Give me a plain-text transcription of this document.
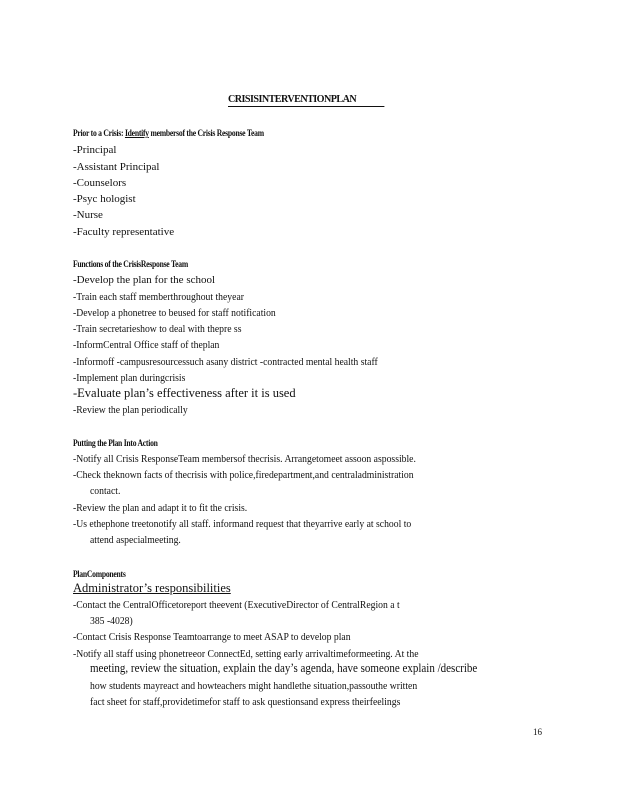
CRISISINTERVENTIONPLAN
Prior to a Crisis: Identify membersof the Crisis Response Team
-Principal
-Assistant Principal
-Counselors
-Psyc hologist
-Nurse
-Faculty representative
Functions of the CrisisResponse Team
-Develop the plan for the school
-Train each staff memberthroughout theyear
-Develop a phonetree to beused for staff notification
-Train secretarieshow to deal with thepre ss
-InformCentral Office staff of theplan
-Informoff -campusresourcessuch asany district -contracted mental health staff
-Implement plan duringcrisis
-Evaluate plan’s effectiveness after it is used
-Review the plan periodically
Putting the Plan Into Action
-Notify all Crisis ResponseTeam membersof thecrisis. Arrangetomeet assoon aspossible.
-Check theknown facts of thecrisis with police,firedepartment,and centraladministration
contact.
-Review the plan and adapt it to fit the crisis.
-Us ethephone treetonotify all staff. informand request that theyarrive early at school to
attend aspecialmeeting.
PlanComponents
Administrator’s responsibilities
-Contact the CentralOfficetoreport theevent (ExecutiveDirector of CentralRegion a t
385 -4028)
-Contact Crisis Response Teamtoarrange to meet ASAP to develop plan
-Notify all staff using phonetreeor ConnectEd, setting early arrivaltimeformeeting. At the
meeting, review the situation, explain the day’s agenda, have someone explain /describe
how students mayreact and howteachers might handlethe situation,passouthe written
fact sheet for staff,providetimefor staff to ask questionsand express theirfeelings
16
